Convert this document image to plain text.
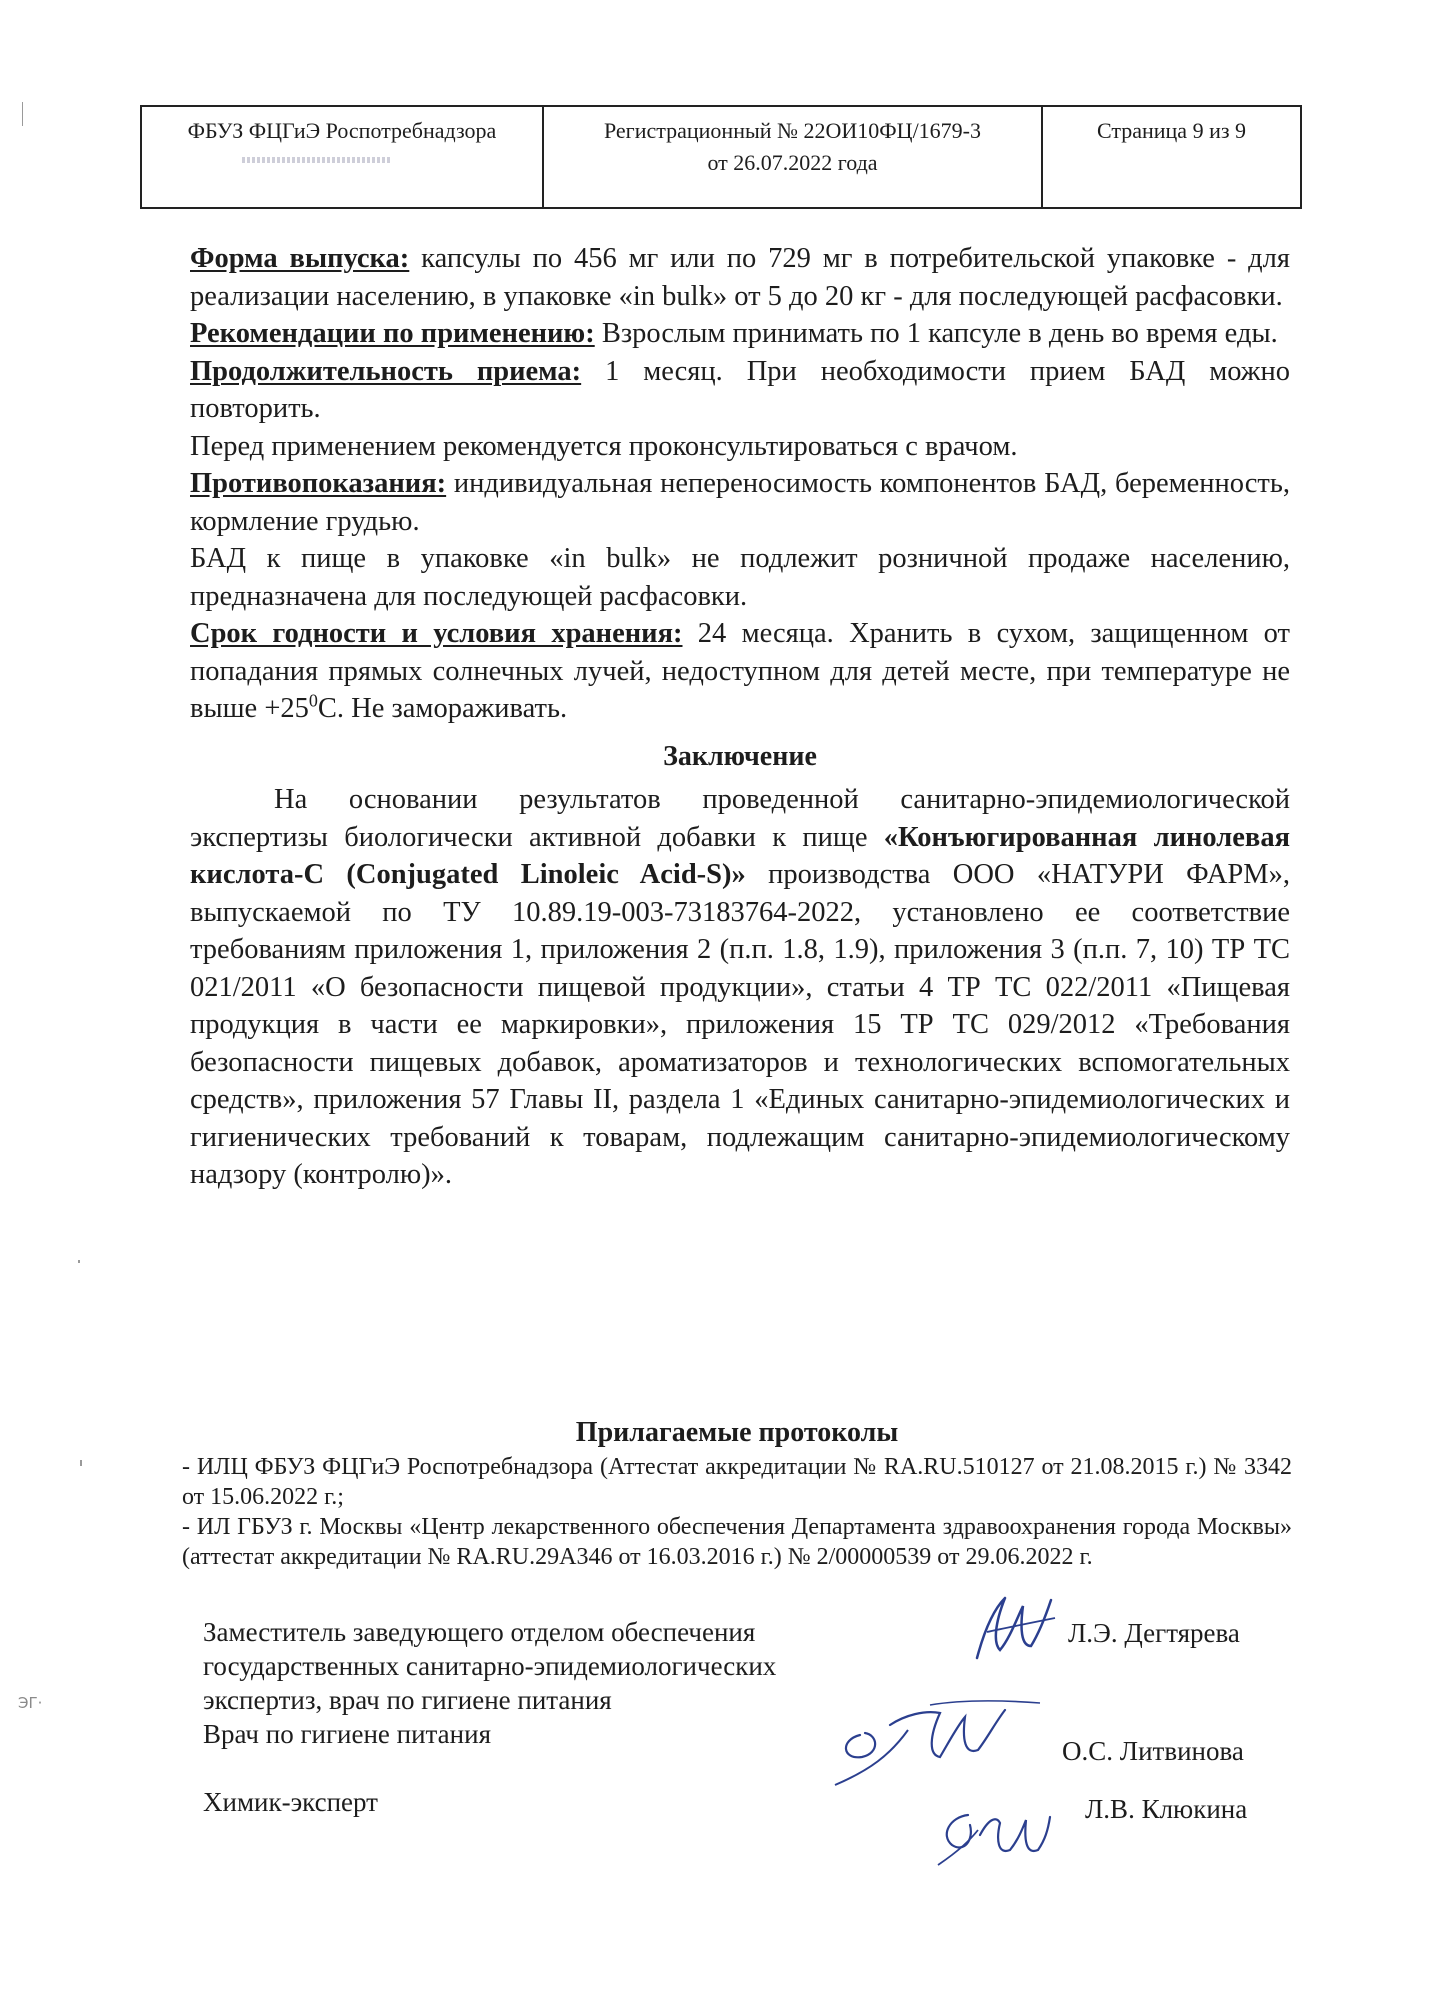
ЭГ·
ФБУЗ ФЦГиЭ Роспотребнадзора	Регистрационный № 22ОИ10ФЦ/1679-3
от 26.07.2022 года
Страница 9 из 9

Форма выпуска: капсулы по 456 мг или по 729 мг в потребительской упаковке - для реализации населению, в упаковке «in bulk» от 5 до 20 кг - для последующей расфасовки.

Рекомендации по применению: Взрослым принимать по 1 капсуле в день во время еды.

Продолжительность приема: 1 месяц. При необходимости прием БАД можно повторить.

Перед применением рекомендуется проконсультироваться с врачом.

Противопоказания: индивидуальная непереносимость компонентов БАД, беременность, кормление грудью.

БАД к пище в упаковке «in bulk» не подлежит розничной продаже населению, предназначена для последующей расфасовки.

Срок годности и условия хранения: 24 месяца. Хранить в сухом, защищенном от попадания прямых солнечных лучей, недоступном для детей месте, при температуре не выше $+25^0С$. Не замораживать.

Заключение

На основании результатов проведенной санитарно-эпидемиологической экспертизы биологически активной добавки к пище «Конъюгированная линолевая кислота-С (Conjugated Linoleic Acid-S)» производства ООО «НАТУРИ ФАРМ», выпускаемой по ТУ 10.89.19-003-73183764-2022, установлено ее соответствие требованиям приложения 1, приложения 2 (п.п. 1.8, 1.9), приложения 3 (п.п. 7, 10) ТР ТС 021/2011 «О безопасности пищевой продукции», статьи 4 ТР ТС 022/2011 «Пищевая продукция в части ее маркировки», приложения 15 ТР ТС 029/2012 «Требования безопасности пищевых добавок, ароматизаторов и технологических вспомогательных средств», приложения 57 Главы II, раздела 1 «Единых санитарно-эпидемиологических и гигиенических требований к товарам, подлежащим санитарно-эпидемиологическому надзору (контролю)».

Прилагаемые протоколы

- ИЛЦ ФБУЗ ФЦГиЭ Роспотребнадзора (Аттестат аккредитации № RA.RU.510127 от 21.08.2015 г.) № 3342 от 15.06.2022 г.;

- ИЛ ГБУЗ г. Москвы «Центр лекарственного обеспечения Департамента здравоохранения города Москвы» (аттестат аккредитации № RA.RU.29A346 от 16.03.2016 г.) № 2/00000539 от 29.06.2022 г.

Заместитель заведующего отделом обеспечения
государственных санитарно-эпидемиологических
экспертиз, врач по гигиене питания
Врач по гигиене питания
Химик-эксперт
Л.Э. Дегтярева
О.С. Литвинова
Л.В. Клюкина
